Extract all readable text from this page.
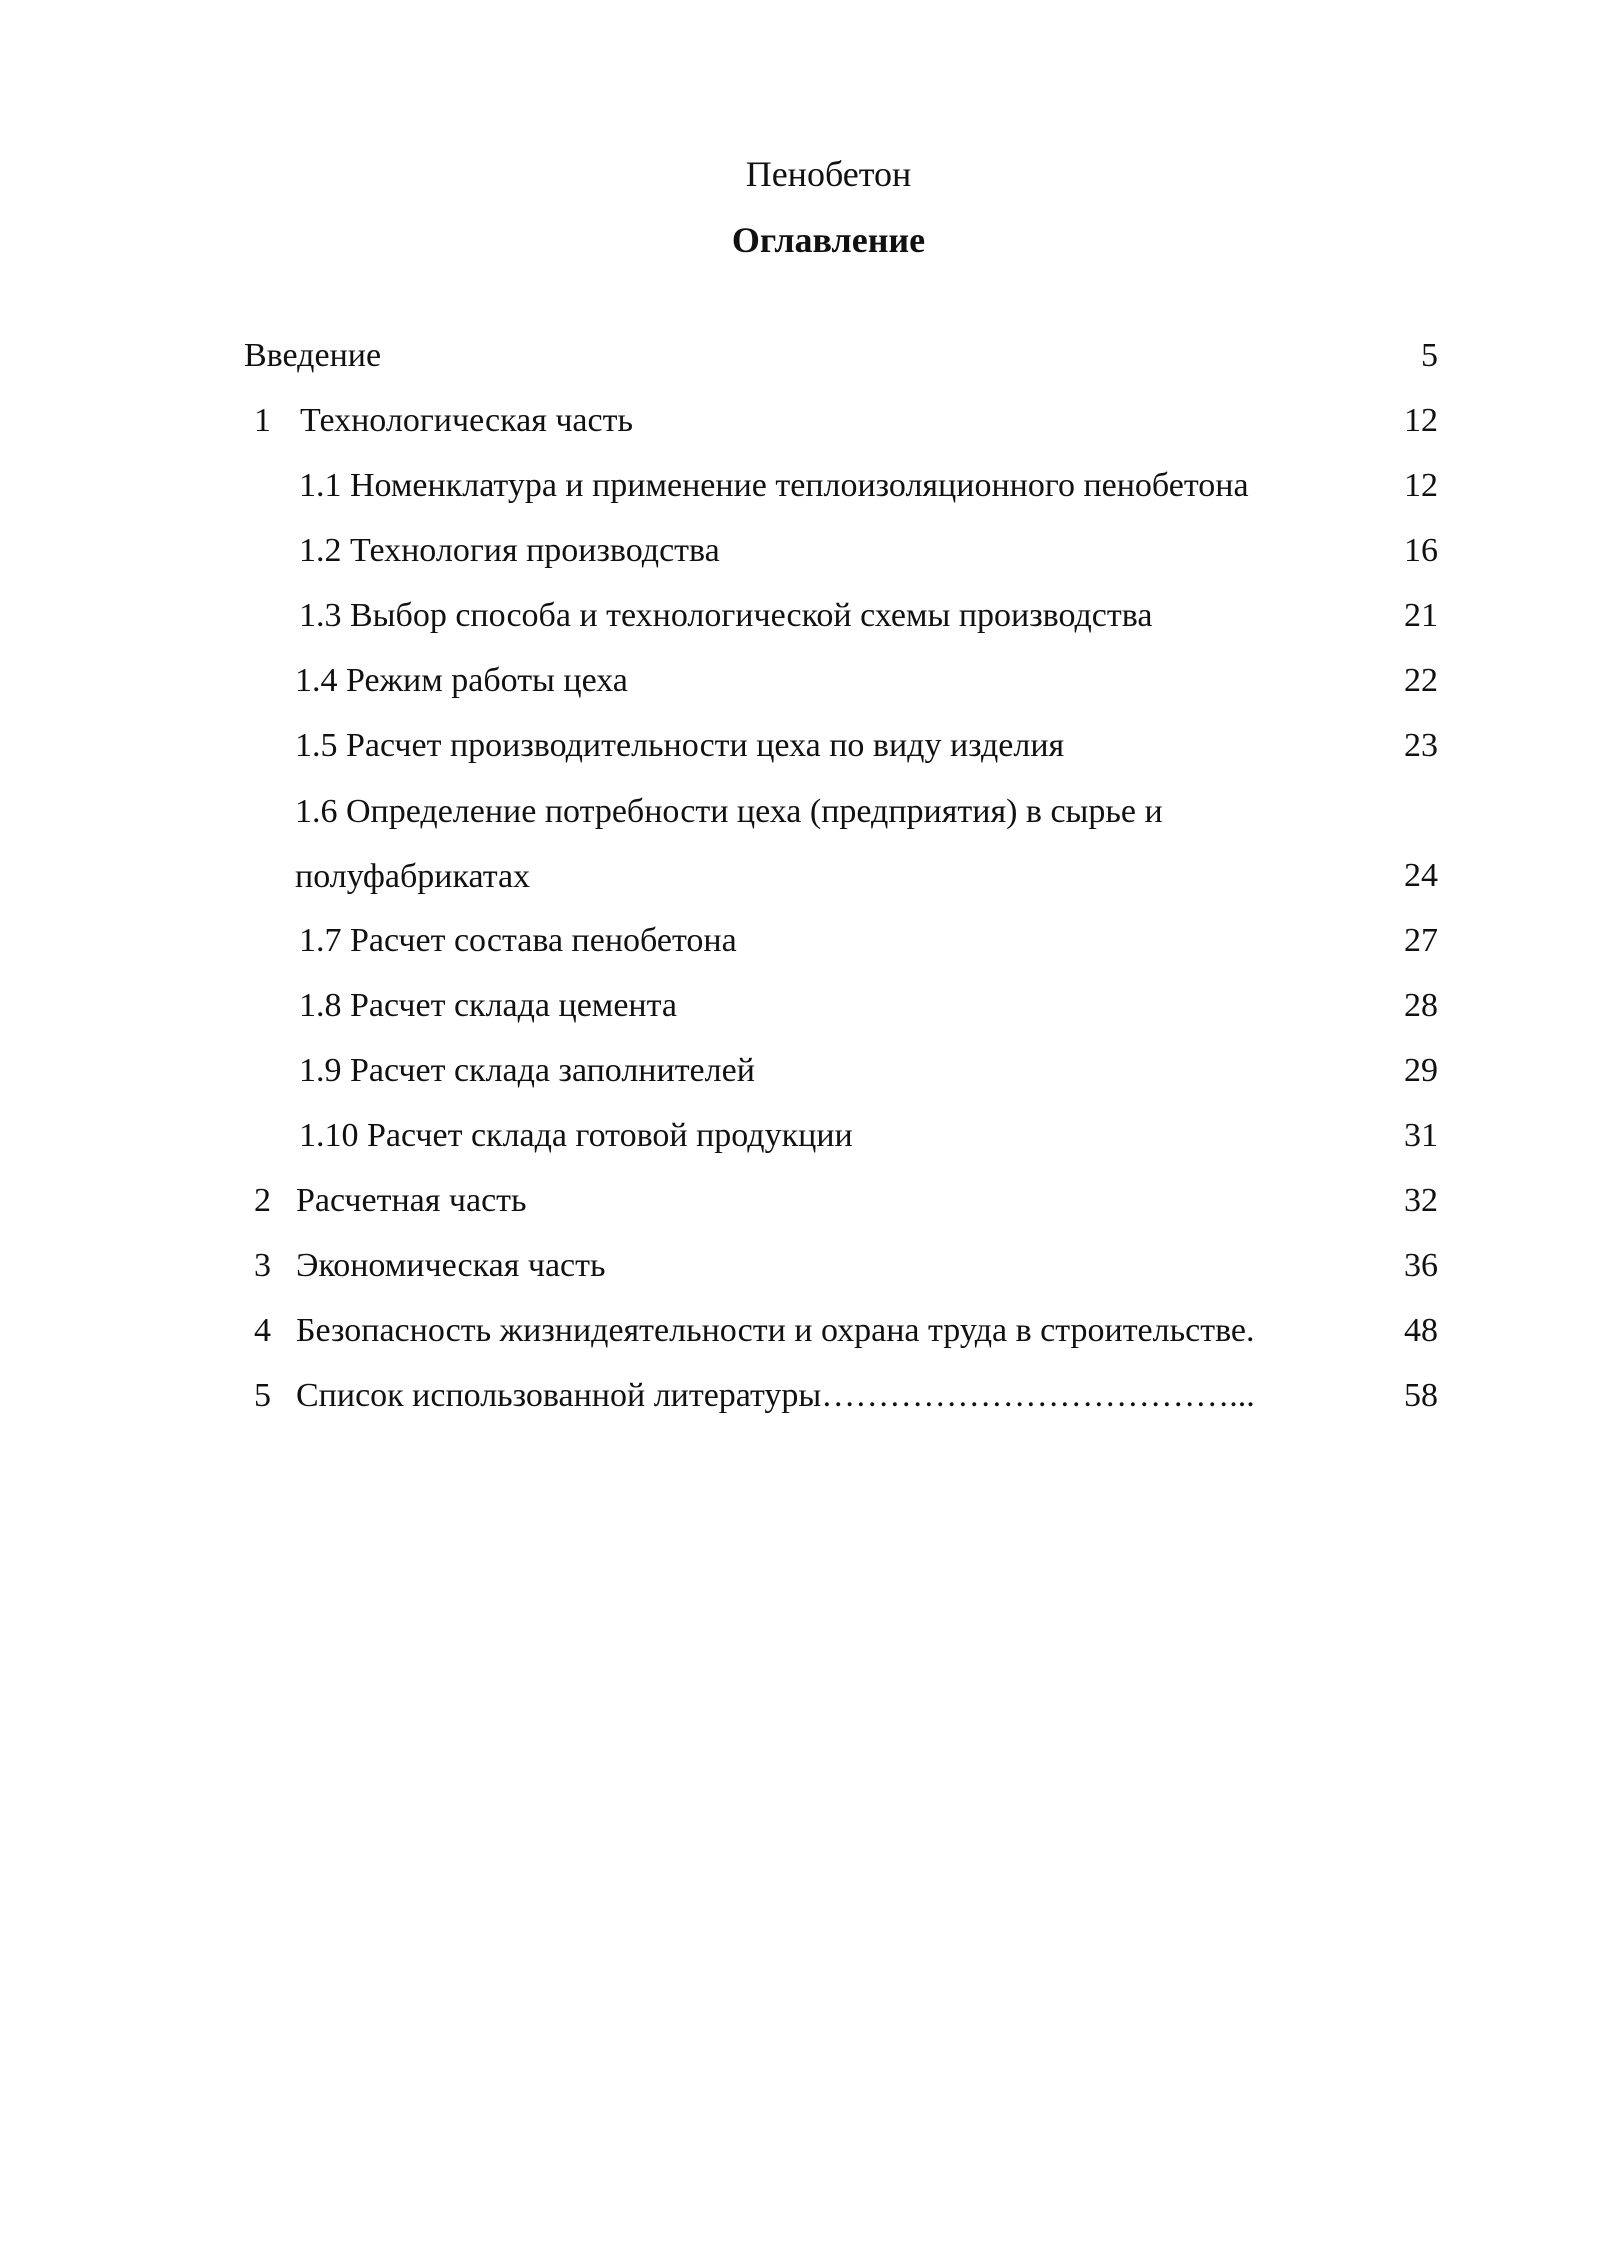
Пенобетон
Оглавление
Введение	5
1 Технологическая часть	12
1.1 Номенклатура и применение теплоизоляционного пенобетона	12
1.2 Технология производства	16
1.3 Выбор способа и технологической схемы производства	21
1.4 Режим работы цеха	22
1.5 Расчет производительности цеха по виду изделия	23
1.6 Определение потребности цеха (предприятия) в сырье и полуфабрикатах	24
1.7 Расчет состава пенобетона	27
1.8 Расчет склада цемента	28
1.9 Расчет склада заполнителей	29
1.10 Расчет склада готовой продукции	31
2 Расчетная часть	32
3 Экономическая часть	36
4 Безопасность жизнидеятельности и охрана труда в строительстве.	48
5 Список использованной литературы………………………………...	58
